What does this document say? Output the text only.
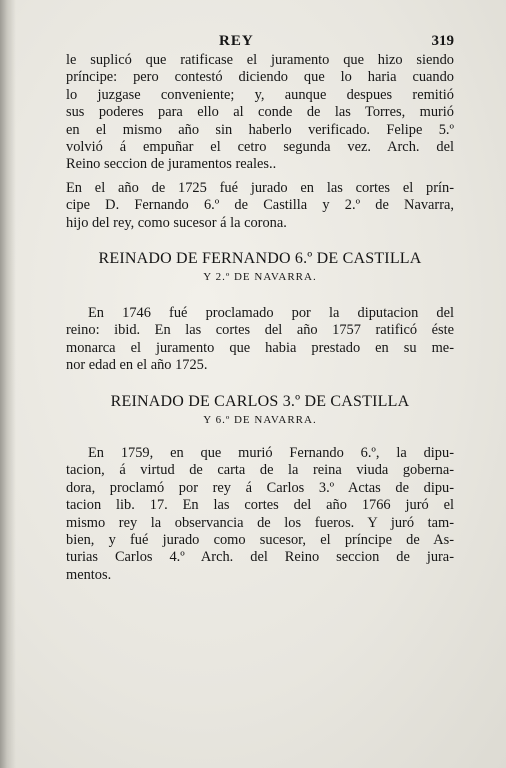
REY	319
le suplicó que ratificase el juramento que hizo siendo
príncipe: pero contestó diciendo que lo haria cuando
lo juzgase conveniente; y, aunque despues remitió
sus poderes para ello al conde de las Torres, murió
en el mismo año sin haberlo verificado. Felipe 5.º
volvió á empuñar el cetro segunda vez. Arch. del
Reino seccion de juramentos reales..
En el año de 1725 fué jurado en las cortes el prín-
cipe D. Fernando 6.º de Castilla y 2.º de Navarra,
hijo del rey, como sucesor á la corona.
REINADO DE FERNANDO 6.º DE CASTILLA
Y 2.º DE NAVARRA.
En 1746 fué proclamado por la diputacion del
reino: ibid. En las cortes del año 1757 ratificó éste
monarca el juramento que habia prestado en su me-
nor edad en el año 1725.
REINADO DE CARLOS 3.º DE CASTILLA
Y 6.º DE NAVARRA.
En 1759, en que murió Fernando 6.º, la dipu-
tacion, á virtud de carta de la reina viuda goberna-
dora, proclamó por rey á Carlos 3.º Actas de dipu-
tacion lib. 17. En las cortes del año 1766 juró el
mismo rey la observancia de los fueros. Y juró tam-
bien, y fué jurado como sucesor, el príncipe de As-
turias Carlos 4.º Arch. del Reino seccion de jura-
mentos.
